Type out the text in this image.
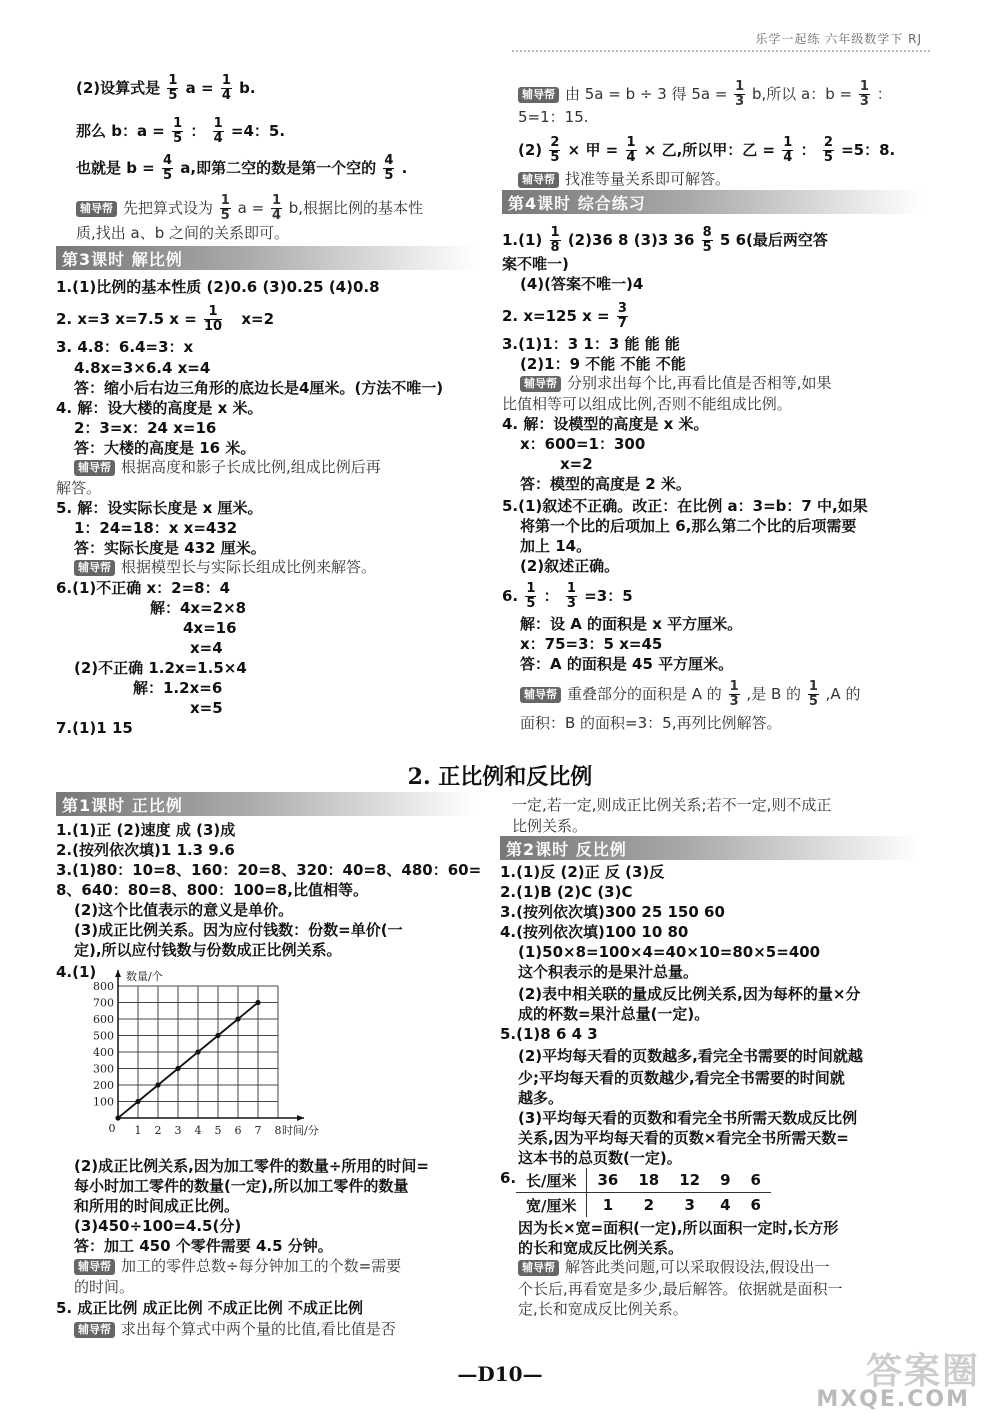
乐学一起练 六年级数学下 RJ
(2)设算式是 $\frac{1}{5}$ $a = \frac{1}{4} b$.
那么 b：$a = \frac{1}{5}$ ： $\frac{1}{4} =4$：5.
也就是 $b = \frac{4}{5} a$,即第二空的数是第一个空的 $\frac{4}{5}$ .
辅导帮 先把算式设为 $\frac{1}{5}$ $a = \frac{1}{4} b$,根据比例的基本性
质,找出 a、b 之间的关系即可。
第3课时 解比例
1.(1)比例的基本性质 (2)0.6 (3)0.25 (4)0.8
2. x=3 x=7.5 $x = \frac{1}{10} x=2$
3. 4.8：6.4=3：x
4.8x=3×6.4 x=4
答：缩小后右边三角形的底边长是4厘米。(方法不唯一)
4. 解：设大楼的高度是 x 米。
2：3=x：24 x=16
答：大楼的高度是 16 米。
辅导帮 根据高度和影子长成比例,组成比例后再
解答。
5. 解：设实际长度是 x 厘米。
1：24=18：x x=432
答：实际长度是 432 厘米。
辅导帮 根据模型长与实际长组成比例来解答。
6.(1)不正确 x：2=8：4
解：4x=2×8
4x=16
x=4
(2)不正确 1.2x=1.5×4
解：1.2x=6
x=5
7.(1)1 15
辅导帮 由 5a = b ÷ 3 得 $5a = \frac{1}{3} b$,所以 a：$b = \frac{1}{3}$ ：
5=1：15.
$(2) \frac{2}{5}$ × 甲 = $\frac{1}{4}$ × 乙,所以甲：乙 = $\frac{1}{4}$ ： $\frac{2}{5} =5$：8.
辅导帮 找准等量关系即可解答。
第4课时 综合练习
$1.(1) \frac{1}{8} (2)36$ 8 (3)3 $36 \frac{8}{5} 5$ 6(最后两空答
案不唯一)
(4)(答案不唯一)4
2. x=125 $x = \frac{3}{7}$
3.(1)1：3 1：3 能 能 能
(2)1：9 不能 不能 不能
辅导帮 分别求出每个比,再看比值是否相等,如果
比值相等可以组成比例,否则不能组成比例。
4. 解：设模型的高度是 x 米。
x：600=1：300
x=2
答：模型的高度是 2 米。
5.(1)叙述不正确。改正：在比例 a：3=b：7 中,如果
将第一个比的后项加上 6,那么第二个比的后项需要
加上 14。
(2)叙述正确。
6. $\frac{1}{5}$ ： $\frac{1}{3} =3$：5
解：设 A 的面积是 x 平方厘米。
x：75=3：5 x=45
答：A 的面积是 45 平方厘米。
辅导帮 重叠部分的面积是 A 的 $\frac{1}{3}$ ,是 B 的 $\frac{1}{5} ,A$ 的
面积：B 的面积=3：5,再列比例解答。
2. 正比例和反比例
第1课时 正比例
1.(1)正 (2)速度 成 (3)成
2.(按列依次填)1 1.3 9.6
3.(1)80：10=8、160：20=8、320：40=8、480：60=
8、640：80=8、800：100=8,比值相等。
(2)这个比值表示的意义是单价。
(3)成正比例关系。因为应付钱数：份数=单价(一
定),所以应付钱数与份数成正比例关系。
4.(1)
100
200
300
400
500
600
700
800
1 2 3 4 5 6 7 8
0
数量/个
时间/分
(2)成正比例关系,因为加工零件的数量÷所用的时间=
每小时加工零件的数量(一定),所以加工零件的数量
和所用的时间成正比例。
(3)450÷100=4.5(分)
答：加工 450 个零件需要 4.5 分钟。
辅导帮 加工的零件总数÷每分钟加工的个数=需要
的时间。
5. 成正比例 成正比例 不成正比例 不成正比例
辅导帮 求出每个算式中两个量的比值,看比值是否
一定,若一定,则成正比例关系;若不一定,则不成正
比例关系。
第2课时 反比例
1.(1)反 (2)正 反 (3)反
2.(1)B (2)C (3)C
3.(按列依次填)300 25 150 60
4.(按列依次填)100 10 80
(1)50×8=100×4=40×10=80×5=400
这个积表示的是果汁总量。
(2)表中相关联的量成反比例关系,因为每杯的量×分
成的杯数=果汁总量(一定)。
5.(1)8 6 4 3
(2)平均每天看的页数越多,看完全书需要的时间就越
少;平均每天看的页数越少,看完全书需要的时间就
越多。
(3)平均每天看的页数和看完全书所需天数成反比例
关系,因为平均每天看的页数×看完全书所需天数=
这本书的总页数(一定)。
6. 长/厘米	36	18	12	9	6
宽/厘米	1	2	3	4	6
因为长×宽=面积(一定),所以面积一定时,长方形
的长和宽成反比例关系。
辅导帮 解答此类问题,可以采取假设法,假设出一
个长后,再看宽是多少,最后解答。依据就是面积一
定,长和宽成反比例关系。
—D10—	答案圈
MXQE.COM
